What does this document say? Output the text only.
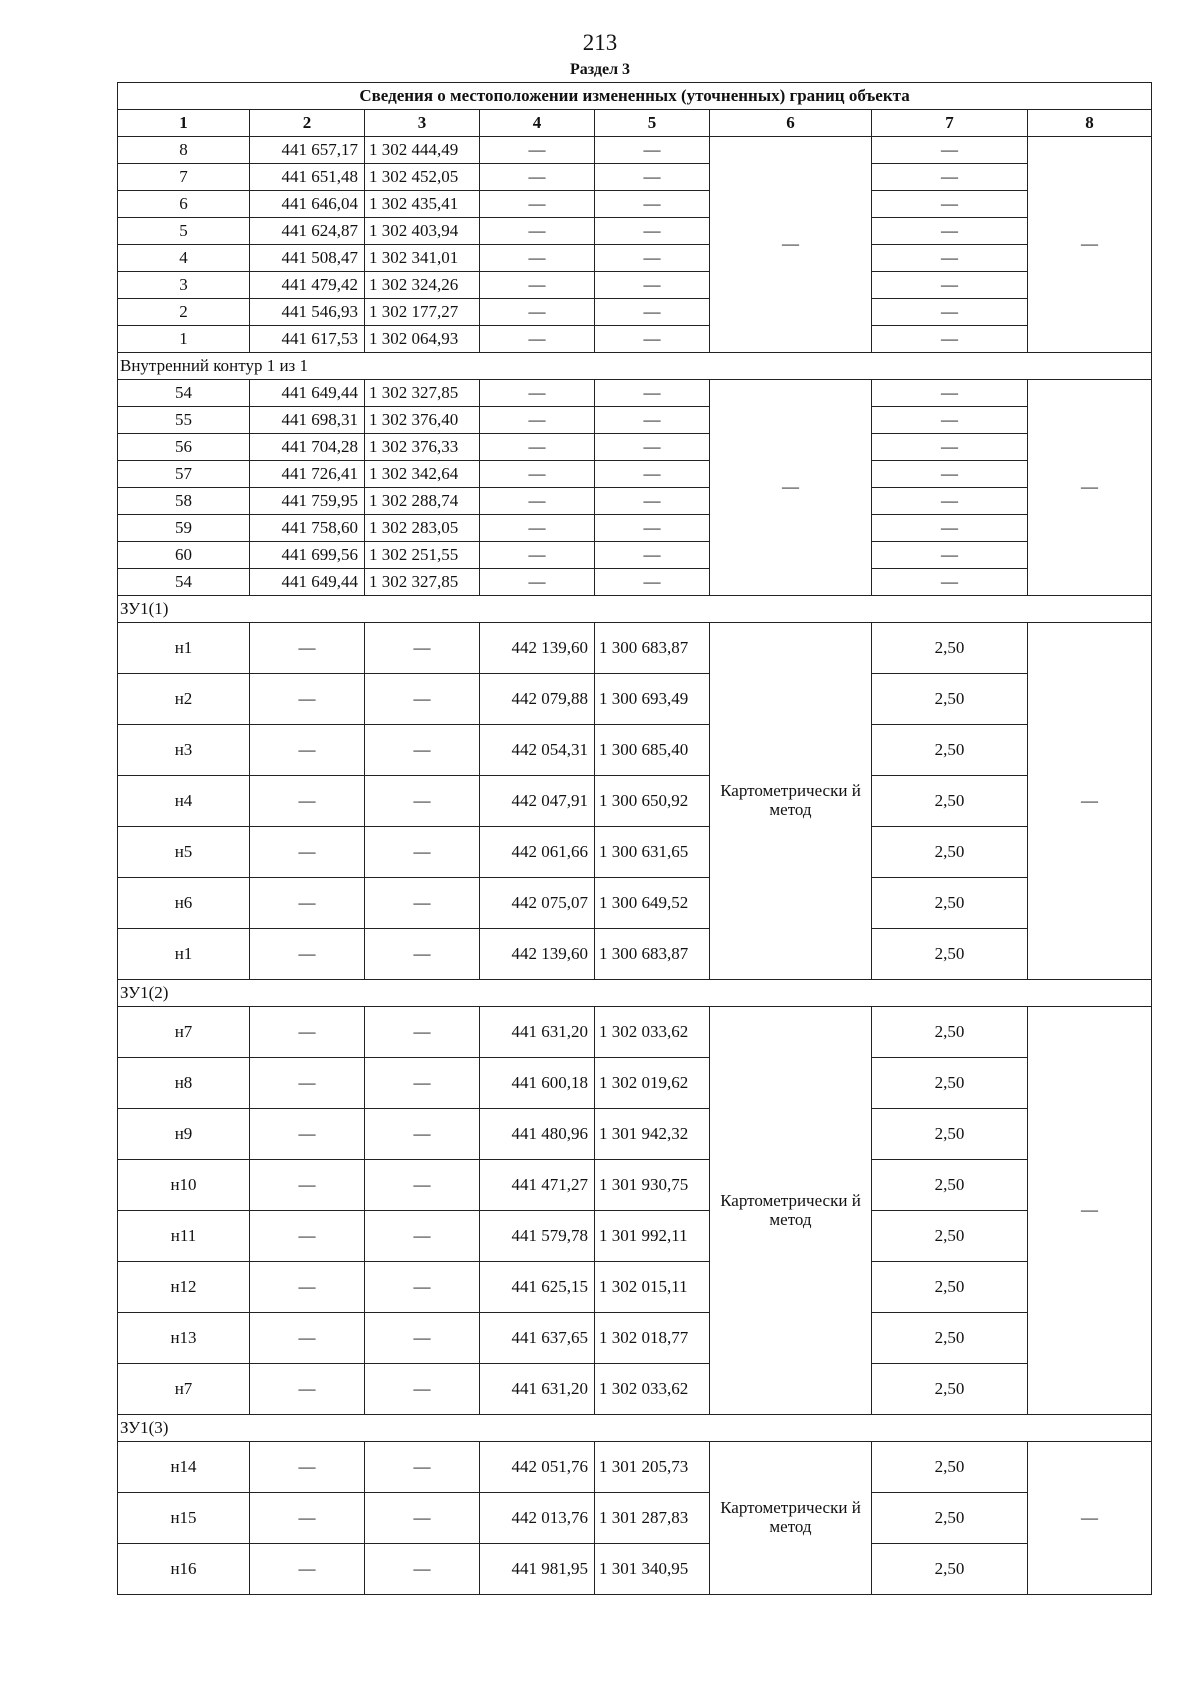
213
Раздел 3
Сведения о местоположении измененных (уточненных) границ объекта							
1	2	3	4	5	6	7	8
8	441 657,17	1 302 444,49	—	—	—	—	—
7	441 651,48	1 302 452,05	—	—		—	
6	441 646,04	1 302 435,41	—	—		—	
5	441 624,87	1 302 403,94	—	—		—	
4	441 508,47	1 302 341,01	—	—		—	
3	441 479,42	1 302 324,26	—	—		—	
2	441 546,93	1 302 177,27	—	—		—	
1	441 617,53	1 302 064,93	—	—		—	
Внутренний контур 1 из 1							
54	441 649,44	1 302 327,85	—	—	—	—	—
55	441 698,31	1 302 376,40	—	—		—	
56	441 704,28	1 302 376,33	—	—		—	
57	441 726,41	1 302 342,64	—	—		—	
58	441 759,95	1 302 288,74	—	—		—	
59	441 758,60	1 302 283,05	—	—		—	
60	441 699,56	1 302 251,55	—	—		—	
54	441 649,44	1 302 327,85	—	—		—	
ЗУ1(1)							
н1	—	—	442 139,60	1 300 683,87	Картометрически й метод	2,50	—
н2	—	—	442 079,88	1 300 693,49		2,50	
н3	—	—	442 054,31	1 300 685,40		2,50	
н4	—	—	442 047,91	1 300 650,92		2,50	
н5	—	—	442 061,66	1 300 631,65		2,50	
н6	—	—	442 075,07	1 300 649,52		2,50	
н1	—	—	442 139,60	1 300 683,87		2,50	
ЗУ1(2)							
н7	—	—	441 631,20	1 302 033,62	Картометрически й метод	2,50	—
н8	—	—	441 600,18	1 302 019,62		2,50	
н9	—	—	441 480,96	1 301 942,32		2,50	
н10	—	—	441 471,27	1 301 930,75		2,50	
н11	—	—	441 579,78	1 301 992,11		2,50	
н12	—	—	441 625,15	1 302 015,11		2,50	
н13	—	—	441 637,65	1 302 018,77		2,50	
н7	—	—	441 631,20	1 302 033,62		2,50	
ЗУ1(3)							
н14	—	—	442 051,76	1 301 205,73	Картометрически й метод	2,50	—
н15	—	—	442 013,76	1 301 287,83		2,50	
н16	—	—	441 981,95	1 301 340,95		2,50	
